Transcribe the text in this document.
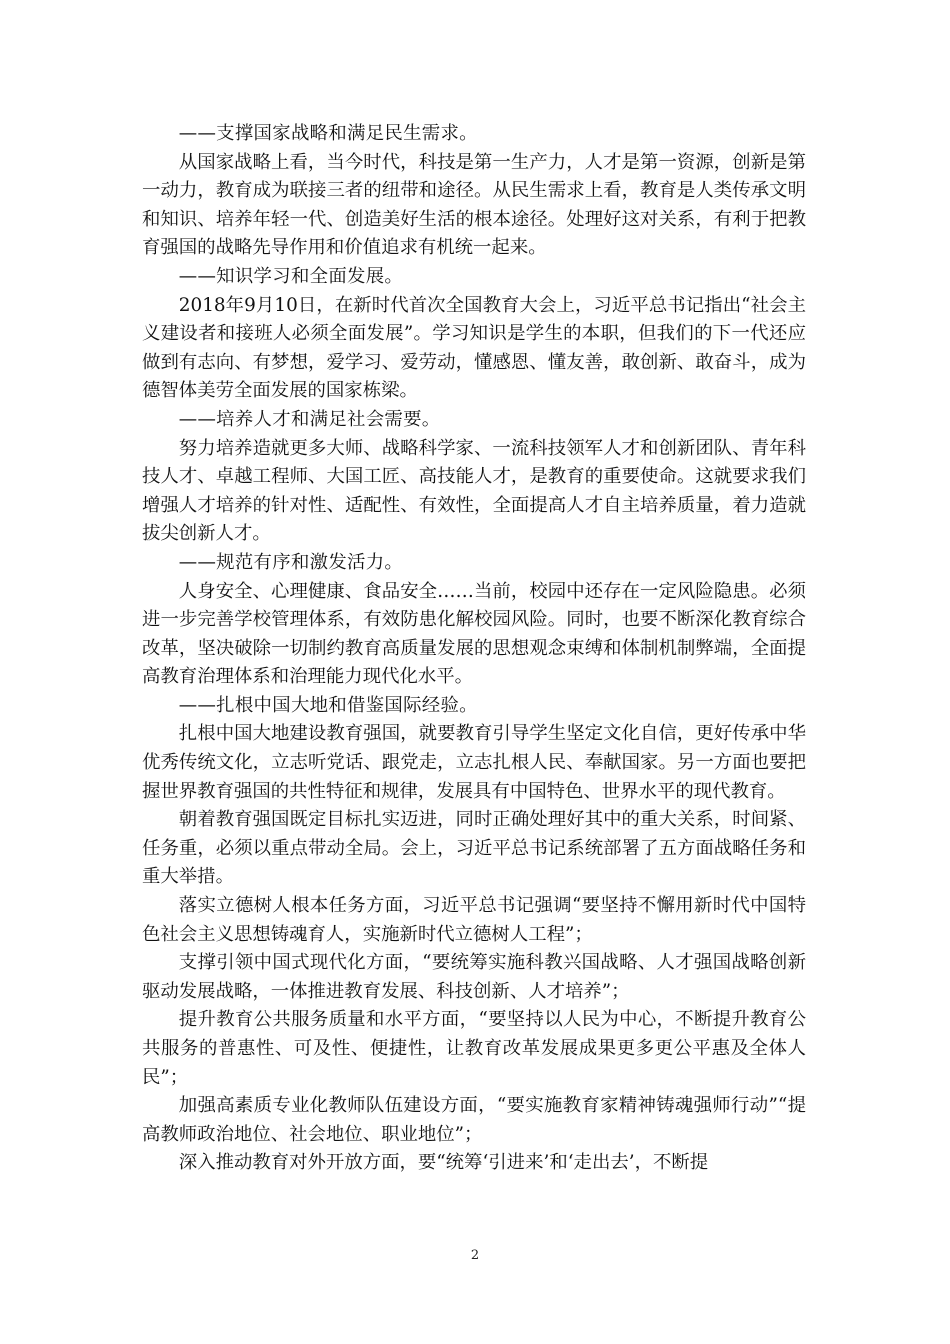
——支撑国家战略和满足民生需求。

从国家战略上看，当今时代，科技是第一生产力，人才是第一资源，创新是第一动力，教育成为联接三者的纽带和途径。从民生需求上看，教育是人类传承文明和知识、培养年轻一代、创造美好生活的根本途径。处理好这对关系，有利于把教育强国的战略先导作用和价值追求有机统一起来。

——知识学习和全面发展。

2018年9月10日，在新时代首次全国教育大会上，习近平总书记指出“社会主义建设者和接班人必须全面发展”。学习知识是学生的本职，但我们的下一代还应做到有志向、有梦想，爱学习、爱劳动，懂感恩、懂友善，敢创新、敢奋斗，成为德智体美劳全面发展的国家栋梁。

——培养人才和满足社会需要。

努力培养造就更多大师、战略科学家、一流科技领军人才和创新团队、青年科技人才、卓越工程师、大国工匠、高技能人才，是教育的重要使命。这就要求我们增强人才培养的针对性、适配性、有效性，全面提高人才自主培养质量，着力造就拔尖创新人才。

——规范有序和激发活力。

人身安全、心理健康、食品安全……当前，校园中还存在一定风险隐患。必须进一步完善学校管理体系，有效防患化解校园风险。同时，也要不断深化教育综合改革，坚决破除一切制约教育高质量发展的思想观念束缚和体制机制弊端，全面提高教育治理体系和治理能力现代化水平。

——扎根中国大地和借鉴国际经验。

扎根中国大地建设教育强国，就要教育引导学生坚定文化自信，更好传承中华优秀传统文化，立志听党话、跟党走，立志扎根人民、奉献国家。另一方面也要把握世界教育强国的共性特征和规律，发展具有中国特色、世界水平的现代教育。

朝着教育强国既定目标扎实迈进，同时正确处理好其中的重大关系，时间紧、任务重，必须以重点带动全局。会上，习近平总书记系统部署了五方面战略任务和重大举措。

落实立德树人根本任务方面，习近平总书记强调“要坚持不懈用新时代中国特色社会主义思想铸魂育人，实施新时代立德树人工程”；

支撑引领中国式现代化方面，“要统筹实施科教兴国战略、人才强国战略创新驱动发展战略，一体推进教育发展、科技创新、人才培养”；

提升教育公共服务质量和水平方面，“要坚持以人民为中心，不断提升教育公共服务的普惠性、可及性、便捷性，让教育改革发展成果更多更公平惠及全体人民”；

加强高素质专业化教师队伍建设方面，“要实施教育家精神铸魂强师行动”“提高教师政治地位、社会地位、职业地位”；

深入推动教育对外开放方面，要“统筹‘引进来’和‘走出去’，不断提

2
